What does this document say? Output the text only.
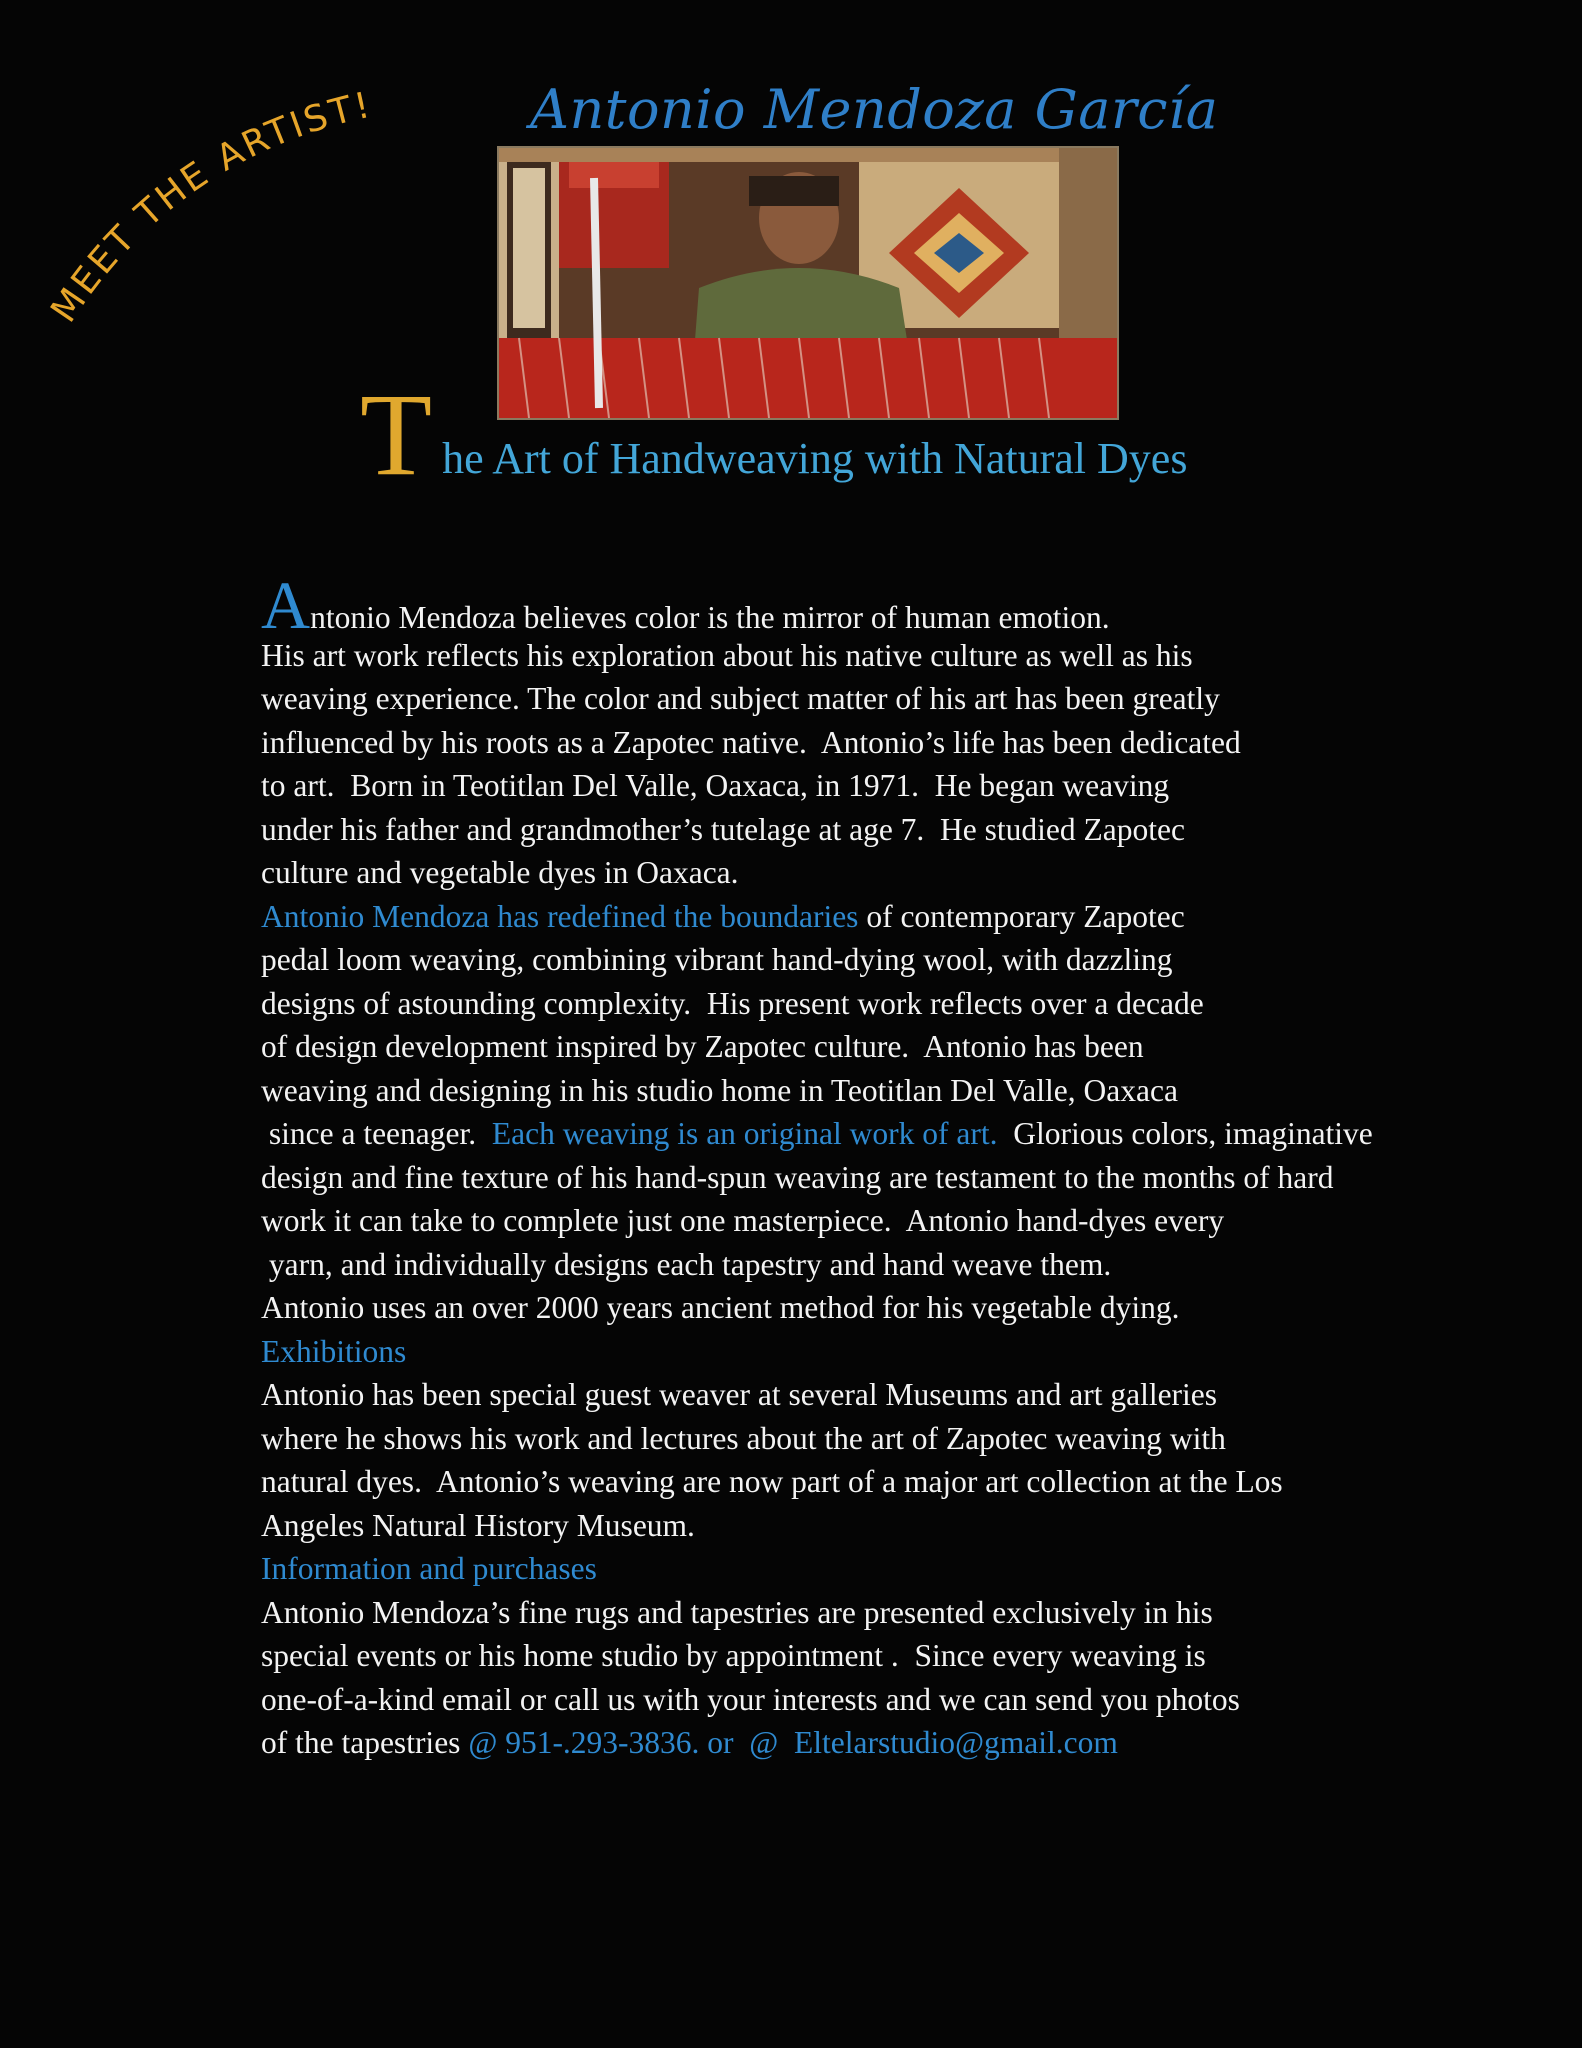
MEET THE ARTIST!	Antonio Mendoza García
T he Art of Handweaving with Natural Dyes
Antonio Mendoza believes color is the mirror of human emotion.
His art work reflects his exploration about his native culture as well as his
weaving experience. The color and subject matter of his art has been greatly
influenced by his roots as a Zapotec native.  Antonio’s life has been dedicated
to art.  Born in Teotitlan Del Valle, Oaxaca, in 1971.  He began weaving
under his father and grandmother’s tutelage at age 7.  He studied Zapotec
culture and vegetable dyes in Oaxaca.
Antonio Mendoza has redefined the boundaries of contemporary Zapotec
pedal loom weaving, combining vibrant hand-dying wool, with dazzling
designs of astounding complexity.  His present work reflects over a decade
of design development inspired by Zapotec culture.  Antonio has been
weaving and designing in his studio home in Teotitlan Del Valle, Oaxaca
since a teenager.  Each weaving is an original work of art.  Glorious colors, imaginative
design and fine texture of his hand-spun weaving are testament to the months of hard
work it can take to complete just one masterpiece.  Antonio hand-dyes every
yarn, and individually designs each tapestry and hand weave them.
Antonio uses an over 2000 years ancient method for his vegetable dying.
Exhibitions
Antonio has been special guest weaver at several Museums and art galleries
where he shows his work and lectures about the art of Zapotec weaving with
natural dyes.  Antonio’s weaving are now part of a major art collection at the Los
Angeles Natural History Museum.
Information and purchases
Antonio Mendoza’s fine rugs and tapestries are presented exclusively in his
special events or his home studio by appointment .  Since every weaving is
one-of-a-kind email or call us with your interests and we can send you photos
of the tapestries @ 951-.293-3836. or  @  Eltelarstudio@gmail.com
